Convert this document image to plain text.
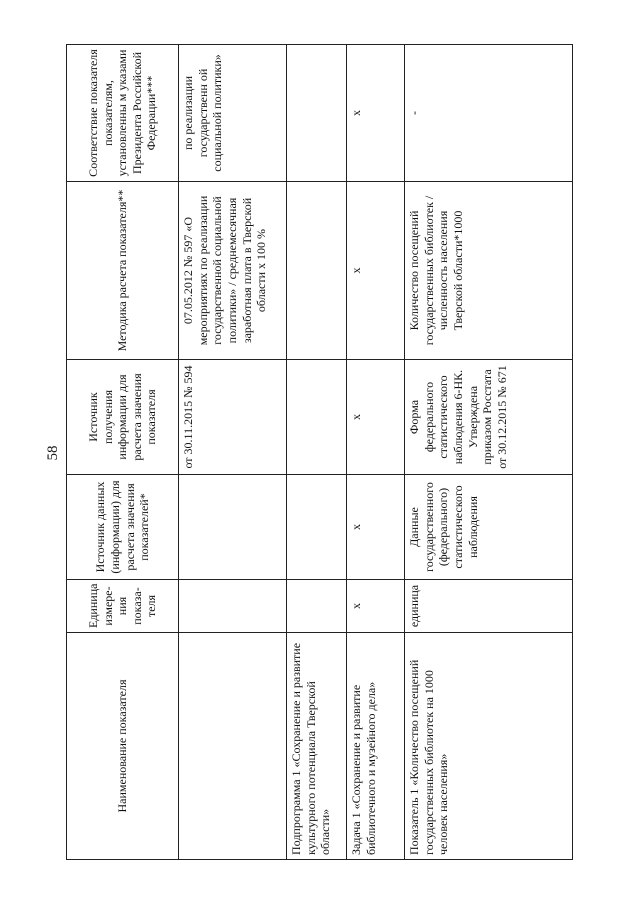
58
Наименование показателя	Единица измере-ния показа-теля	Источник данных (информации) для расчета значения показателей*	Источник получения информации для расчета значения показателя	Методика расчета показателя**	Соответствие показателя показателям, установленны м указами Президента Российской Федерации***
			от 30.11.2015 № 594	07.05.2012 № 597 «О мероприятиях по реализации государственной социальной политики» / среднемесячная заработная плата в Тверской области x 100 %	по реализации государственн ой социальной политики»
Подпрограмма 1 «Сохранение и развитие культурного потенциала Тверской области»					
Задача 1 «Сохранение и развитие библиотечного и музейного дела»	x	x	x	x	x
Показатель 1 «Количество посещений государственных библиотек на 1000 человек населения»	единица	Данные государственного (федерального) статистического наблюдения	Форма федерального статистического наблюдения 6-НК. Утверждена приказом Росстата от 30.12.2015 № 671	Количество посещений государственных библиотек / численность населения Тверской области*1000	-
